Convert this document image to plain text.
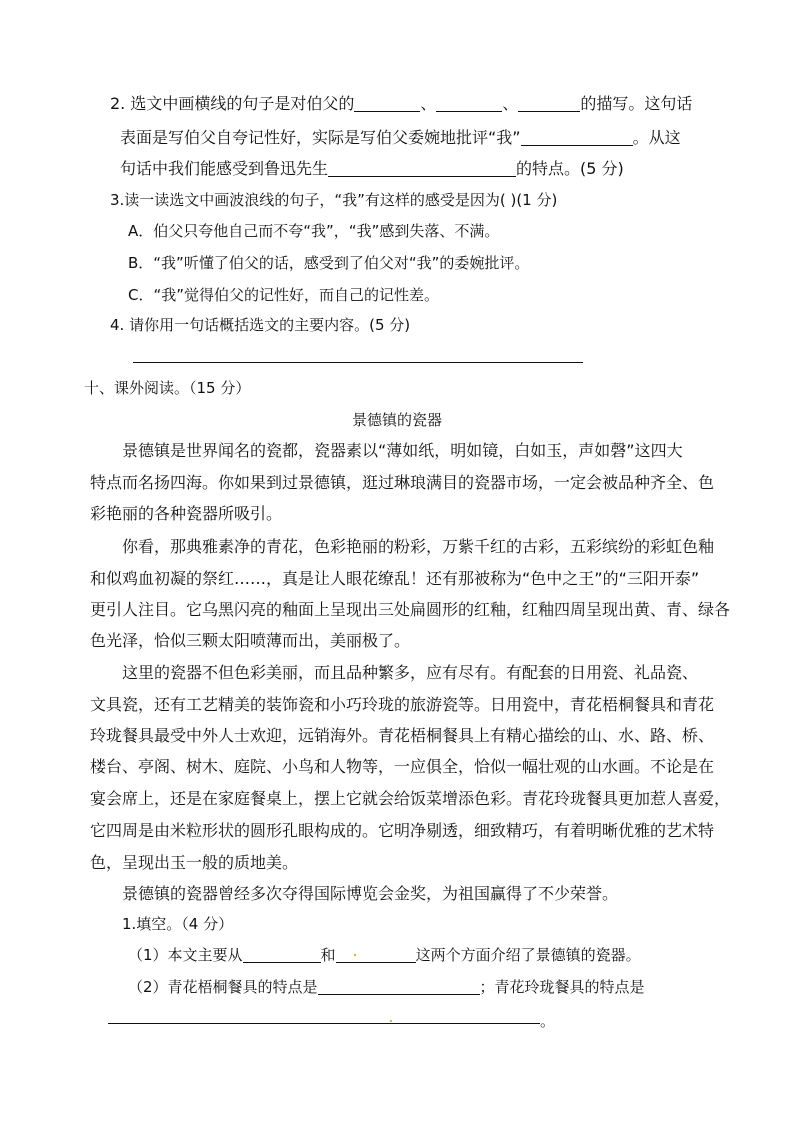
2. 选文中画横线的句子是对伯父的	、	、	的描写。这句话
表面是写伯父自夸记性好，实际是写伯父委婉地批评“我”	。从这
句话中我们能感受到鲁迅先生	的特点。(5 分)
3.读一读选文中画波浪线的句子，“我”有这样的感受是因为( )(1 分)
A．伯父只夸他自己而不夸“我”，“我”感到失落、不满。
B．“我”听懂了伯父的话，感受到了伯父对“我”的委婉批评。
C．“我”觉得伯父的记性好，而自己的记性差。
4. 请你用一句话概括选文的主要内容。(5 分)
十、课外阅读。（15 分）
景德镇的瓷器
景德镇是世界闻名的瓷都，瓷器素以“薄如纸，明如镜，白如玉，声如磬”这四大
特点而名扬四海。你如果到过景德镇，逛过琳琅满目的瓷器市场，一定会被品种齐全、色
彩艳丽的各种瓷器所吸引。
你看，那典雅素净的青花，色彩艳丽的粉彩，万紫千红的古彩，五彩缤纷的彩虹色釉
和似鸡血初凝的祭红……，真是让人眼花缭乱！还有那被称为“色中之王”的“三阳开泰”
更引人注目。它乌黑闪亮的釉面上呈现出三处扁圆形的红釉，红釉四周呈现出黄、青、绿各
色光泽，恰似三颗太阳喷薄而出，美丽极了。
这里的瓷器不但色彩美丽，而且品种繁多，应有尽有。有配套的日用瓷、礼品瓷、
文具瓷，还有工艺精美的装饰瓷和小巧玲珑的旅游瓷等。日用瓷中，青花梧桐餐具和青花
玲珑餐具最受中外人士欢迎，远销海外。青花梧桐餐具上有精心描绘的山、水、路、桥、
楼台、亭阁、树木、庭院、小鸟和人物等，一应俱全，恰似一幅壮观的山水画。不论是在
宴会席上，还是在家庭餐桌上，摆上它就会给饭菜增添色彩。青花玲珑餐具更加惹人喜爱，
它四周是由米粒形状的圆形孔眼构成的。它明净剔透，细致精巧，有着明晰优雅的艺术特
色，呈现出玉一般的质地美。
景德镇的瓷器曾经多次夺得国际博览会金奖，为祖国赢得了不少荣誉。
1.填空。（4 分）
（1）本文主要从	和	这两个方面介绍了景德镇的瓷器。
（2）青花梧桐餐具的特点是	；青花玲珑餐具的特点是
。
